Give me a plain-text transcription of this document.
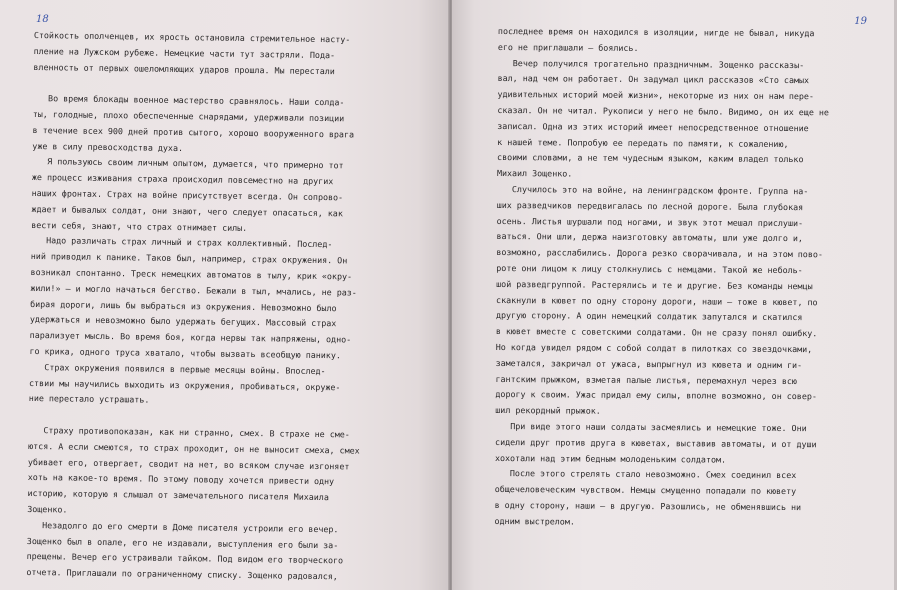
18
Стойкость ополченцев, их ярость остановила стремительное насту-
пление на Лужском рубеже. Немецкие части тут застряли. Пода-
вленность от первых ошеломляющих ударов прошла. Мы перестали
Во время блокады военное мастерство сравнялось. Наши солда-
ты, голодные, плохо обеспеченные снарядами, удерживали позиции
в течение всех 900 дней против сытого, хорошо вооруженного врага
уже в силу превосходства духа.
Я пользуюсь своим личным опытом, думается, что примерно тот
же процесс изживания страха происходил повсеместно на других
наших фронтах. Страх на войне присутствует всегда. Он сопрово-
ждает и бывалых солдат, они знают, чего следует опасаться, как
вести себя, знают, что страх отнимает силы.
Надо различать страх личный и страх коллективный. Послед-
ний приводил к панике. Таков был, например, страх окружения. Он
возникал спонтанно. Треск немецких автоматов в тылу, крик «окру-
жили!» — и могло начаться бегство. Бежали в тыл, мчались, не раз-
бирая дороги, лишь бы выбраться из окружения. Невозможно было
удержаться и невозможно было удержать бегущих. Массовый страх
парализует мысль. Во время боя, когда нервы так напряжены, одно-
го крика, одного труса хватало, чтобы вызвать всеобщую панику.
Страх окружения появился в первые месяцы войны. Впослед-
ствии мы научились выходить из окружения, пробиваться, окруже-
ние перестало устрашать.
Страху противопоказан, как ни странно, смех. В страхе не сме-
ются. А если смеются, то страх проходит, он не выносит смеха, смех
убивает его, отвергает, сводит на нет, во всяком случае изгоняет
хоть на какое-то время. По этому поводу хочется привести одну
историю, которую я слышал от замечательного писателя Михаила
Зощенко.
Незадолго до его смерти в Доме писателя устроили его вечер.
Зощенко был в опале, его не издавали, выступления его были за-
прещены. Вечер его устраивали тайком. Под видом его творческого
отчета. Приглашали по ограниченному списку. Зощенко радовался,
19
последнее время он находился в изоляции, нигде не бывал, никуда
его не приглашали — боялись.
Вечер получился трогательно праздничным. Зощенко рассказы-
вал, над чем он работает. Он задумал цикл рассказов «Сто самых
удивительных историй моей жизни», некоторые из них он нам пере-
сказал. Он не читал. Рукописи у него не было. Видимо, он их еще не
записал. Одна из этих историй имеет непосредственное отношение
к нашей теме. Попробую ее передать по памяти, к сожалению,
своими словами, а не тем чудесным языком, каким владел только
Михаил Зощенко.
Случилось это на войне, на ленинградском фронте. Группа на-
ших разведчиков передвигалась по лесной дороге. Была глубокая
осень. Листья шуршали под ногами, и звук этот мешал прислуши-
ваться. Они шли, держа наизготовку автоматы, шли уже долго и,
возможно, расслабились. Дорога резко сворачивала, и на этом пово-
роте они лицом к лицу столкнулись с немцами. Такой же неболь-
шой разведгруппой. Растерялись и те и другие. Без команды немцы
скакнули в кювет по одну сторону дороги, наши — тоже в кювет, по
другую сторону. А один немецкий солдатик запутался и скатился
в кювет вместе с советскими солдатами. Он не сразу понял ошибку.
Но когда увидел рядом с собой солдат в пилотках со звездочками,
заметался, закричал от ужаса, выпрыгнул из кювета и одним ги-
гантским прыжком, взметая палые листья, перемахнул через всю
дорогу к своим. Ужас придал ему силы, вполне возможно, он совер-
шил рекордный прыжок.
При виде этого наши солдаты засмеялись и немецкие тоже. Они
сидели друг против друга в кюветах, выставив автоматы, и от души
хохотали над этим бедным молоденьким солдатом.
После этого стрелять стало невозможно. Смех соединил всех
общечеловеческим чувством. Немцы смущенно попадали по кювету
в одну сторону, наши — в другую. Разошлись, не обменявшись ни
одним выстрелом.
